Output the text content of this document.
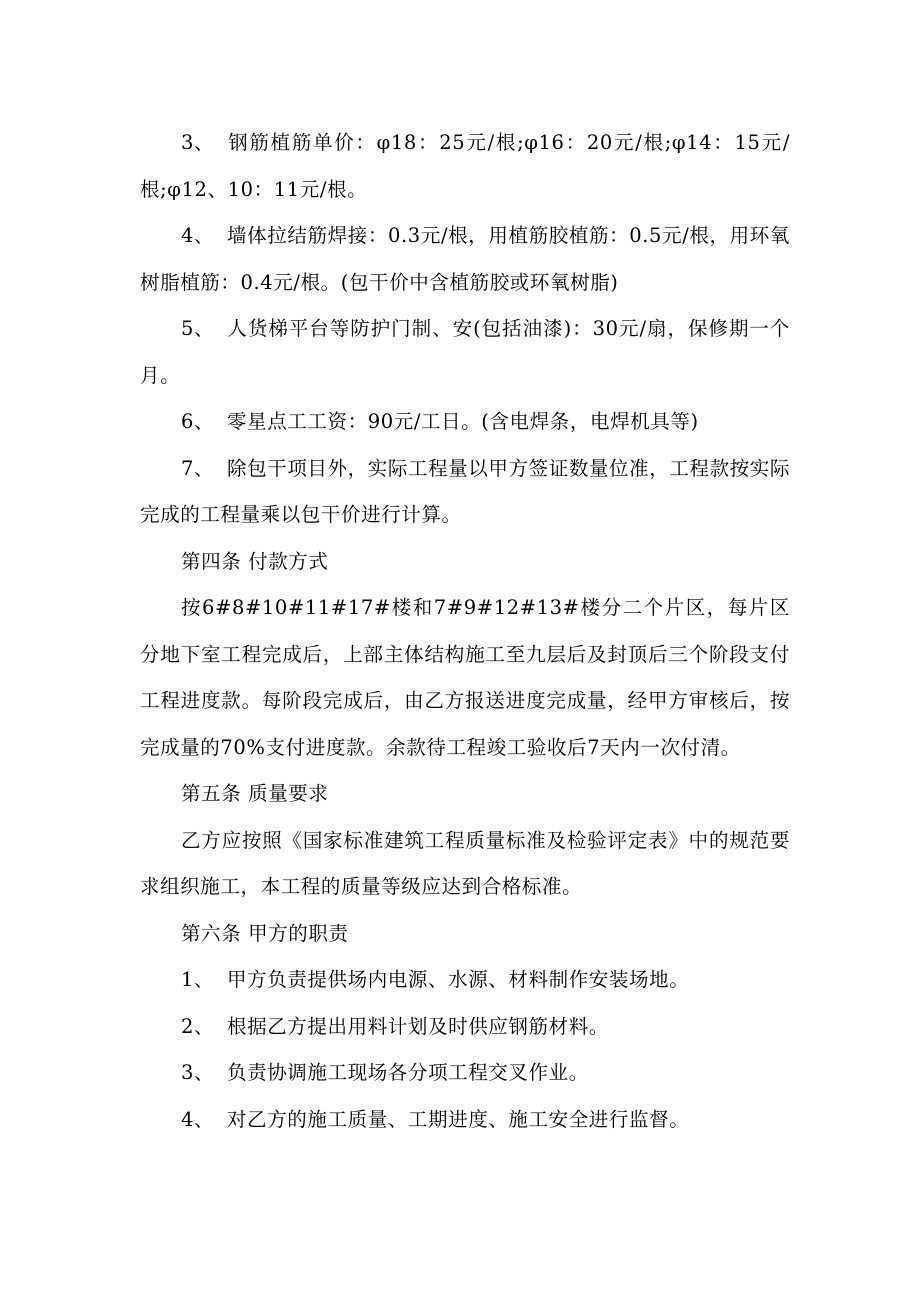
3、 钢筋植筋单价：φ18：25元/根;φ16：20元/根;φ14：15元/根;φ12、10：11元/根。

4、 墙体拉结筋焊接：0.3元/根，用植筋胶植筋：0.5元/根，用环氧树脂植筋：0.4元/根。(包干价中含植筋胶或环氧树脂)

5、 人货梯平台等防护门制、安(包括油漆)：30元/扇，保修期一个月。

6、 零星点工工资：90元/工日。(含电焊条，电焊机具等)

7、 除包干项目外，实际工程量以甲方签证数量位准，工程款按实际完成的工程量乘以包干价进行计算。

第四条 付款方式

按6#8#10#11#17#楼和7#9#12#13#楼分二个片区，每片区分地下室工程完成后，上部主体结构施工至九层后及封顶后三个阶段支付工程进度款。每阶段完成后，由乙方报送进度完成量，经甲方审核后，按完成量的70%支付进度款。余款待工程竣工验收后7天内一次付清。

第五条 质量要求

乙方应按照《国家标准建筑工程质量标准及检验评定表》中的规范要求组织施工，本工程的质量等级应达到合格标准。

第六条 甲方的职责

1、 甲方负责提供场内电源、水源、材料制作安装场地。

2、 根据乙方提出用料计划及时供应钢筋材料。

3、 负责协调施工现场各分项工程交叉作业。

4、 对乙方的施工质量、工期进度、施工安全进行监督。
